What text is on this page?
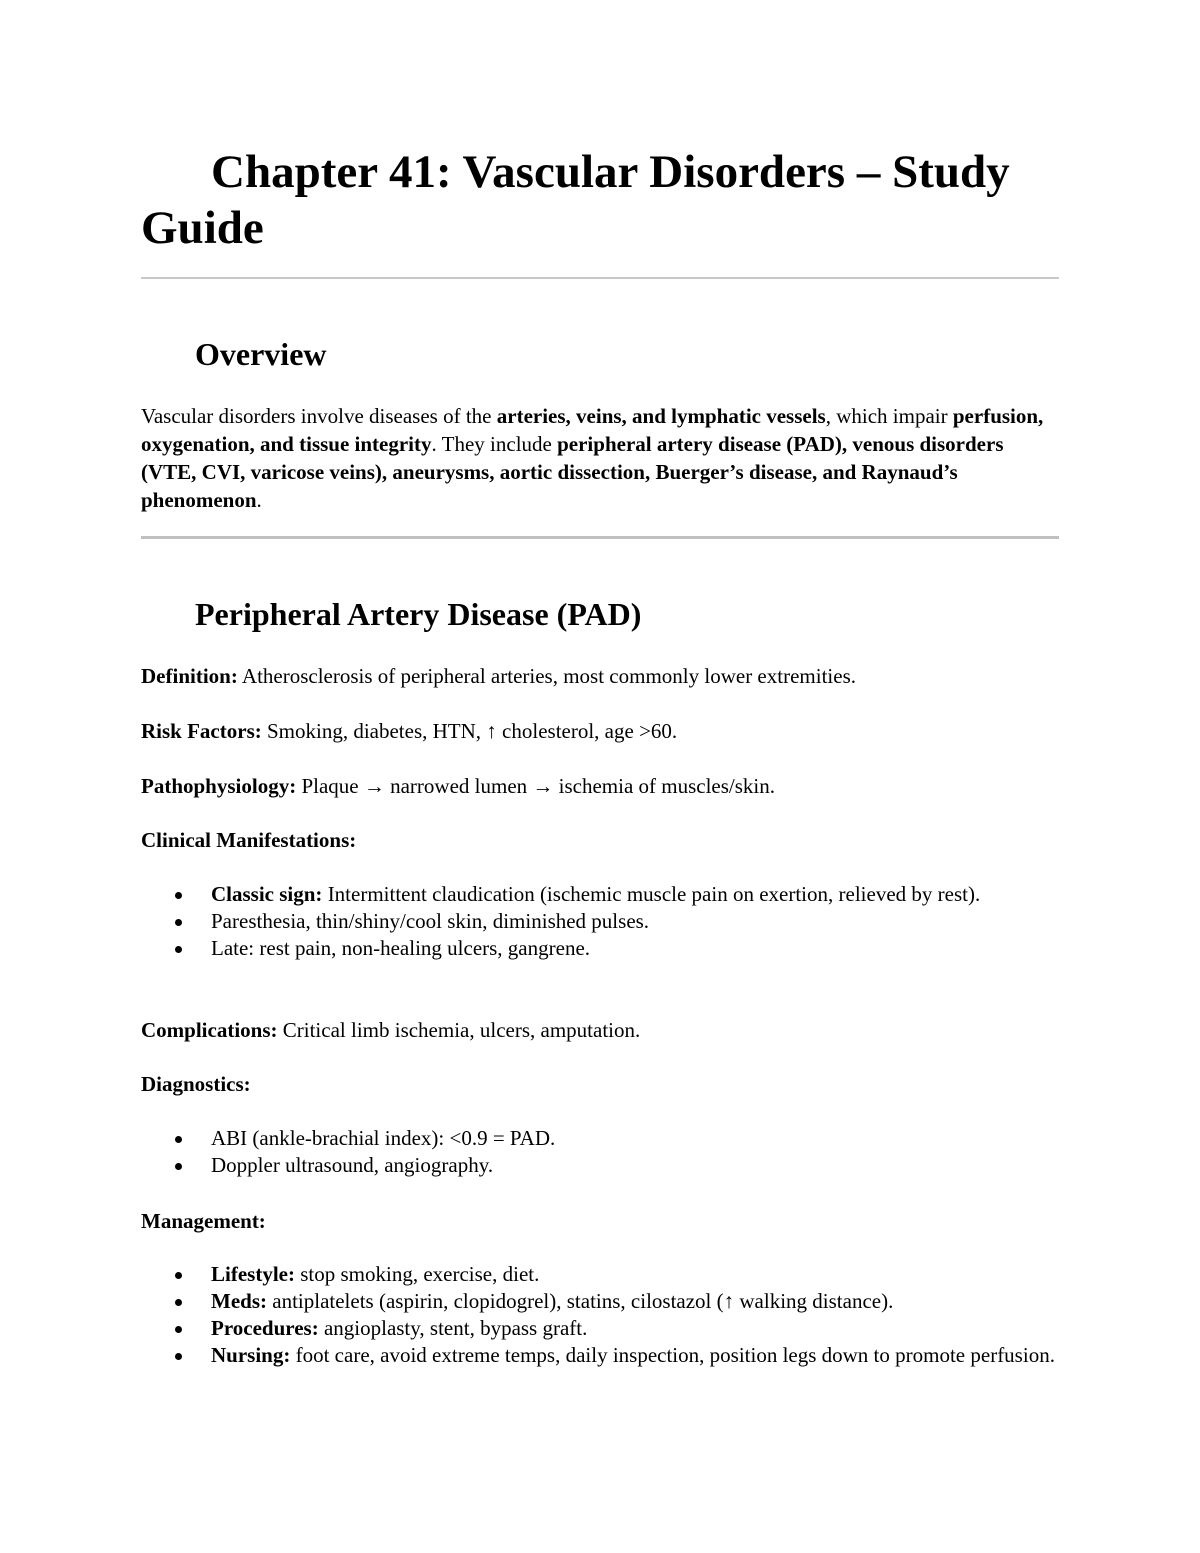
Chapter 41: Vascular Disorders – Study Guide
Overview

Vascular disorders involve diseases of the arteries, veins, and lymphatic vessels, which impair perfusion, oxygenation, and tissue integrity. They include peripheral artery disease (PAD), venous disorders (VTE, CVI, varicose veins), aneurysms, aortic dissection, Buerger’s disease, and Raynaud’s phenomenon.

Peripheral Artery Disease (PAD)

Definition: Atherosclerosis of peripheral arteries, most commonly lower extremities.

Risk Factors: Smoking, diabetes, HTN, ↑ cholesterol, age >60.

Pathophysiology: Plaque → narrowed lumen → ischemia of muscles/skin.

Clinical Manifestations:

Classic sign: Intermittent claudication (ischemic muscle pain on exertion, relieved by rest).
Paresthesia, thin/shiny/cool skin, diminished pulses.
Late: rest pain, non-healing ulcers, gangrene.

Complications: Critical limb ischemia, ulcers, amputation.

Diagnostics:

ABI (ankle-brachial index): <0.9 = PAD.
Doppler ultrasound, angiography.

Management:

Lifestyle: stop smoking, exercise, diet.
Meds: antiplatelets (aspirin, clopidogrel), statins, cilostazol (↑ walking distance).
Procedures: angioplasty, stent, bypass graft.
Nursing: foot care, avoid extreme temps, daily inspection, position legs down to promote perfusion.
